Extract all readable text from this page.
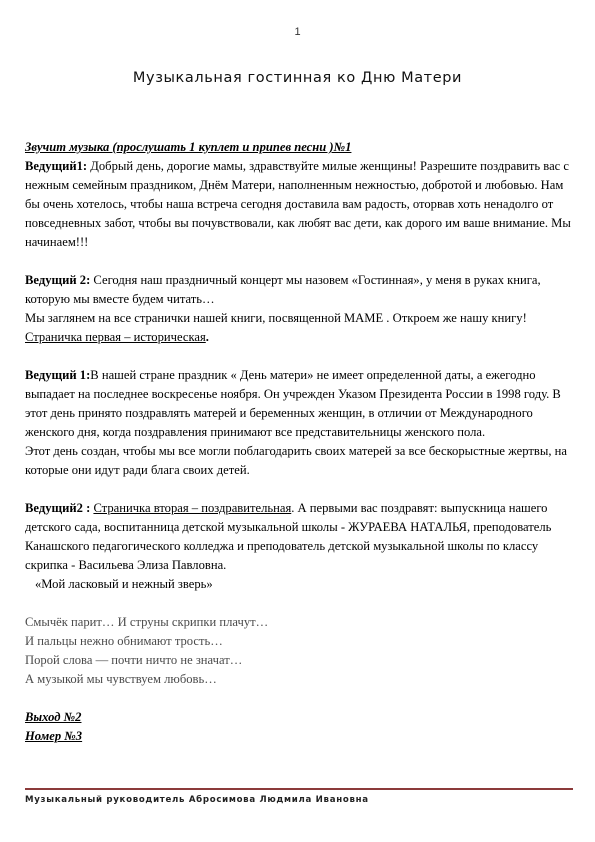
1
Музыкальная гостинная ко Дню Матери

Звучит музыка (прослушать 1 куплет и припев песни )№1

Ведущий1: Добрый день, дорогие мамы, здравствуйте милые женщины! Разрешите поздравить вас с нежным семейным праздником, Днём Матери, наполненным нежностью, добротой и любовью. Нам бы очень хотелось, чтобы наша встреча сегодня доставила вам радость, оторвав хоть ненадолго от повседневных забот, чтобы вы почувствовали, как любят вас дети, как дорого им ваше внимание. Мы начинаем!!!

Ведущий 2: Сегодня наш праздничный концерт мы назовем «Гостинная», у меня в руках книга, которую мы вместе будем читать…

Мы заглянем на все странички нашей книги, посвященной МАМЕ . Откроем же нашу книгу! Страничка первая – историческая.

Ведущий 1:В нашей стране праздник « День матери» не имеет определенной даты, а ежегодно выпадает на последнее воскресенье ноября. Он учрежден Указом Президента России в 1998 году. В этот день принято поздравлять матерей и беременных женщин, в отличии от Международного женского дня, когда поздравления принимают все представительницы женского пола.

Этот день создан, чтобы мы все могли поблагодарить своих матерей за все бескорыстные жертвы, на которые они идут ради блага своих детей.

Ведущий2 : Страничка вторая – поздравительная. А первыми вас поздравят: выпускница нашего детского сада, воспитанница детской музыкальной школы - ЖУРАЕВА НАТАЛЬЯ, преподователь Канашского педагогического колледжа и преподователь детской музыкальной школы по классу скрипка - Васильева Элиза Павловна.

«Мой ласковый и нежный зверь»

Смычёк парит… И струны скрипки плачут…

И пальцы нежно обнимают трость…

Порой слова — почти ничто не значат…

А музыкой мы чувствуем любовь…

Выход №2

Номер №3

Музыкальный руководитель Абросимова Людмила Ивановна
